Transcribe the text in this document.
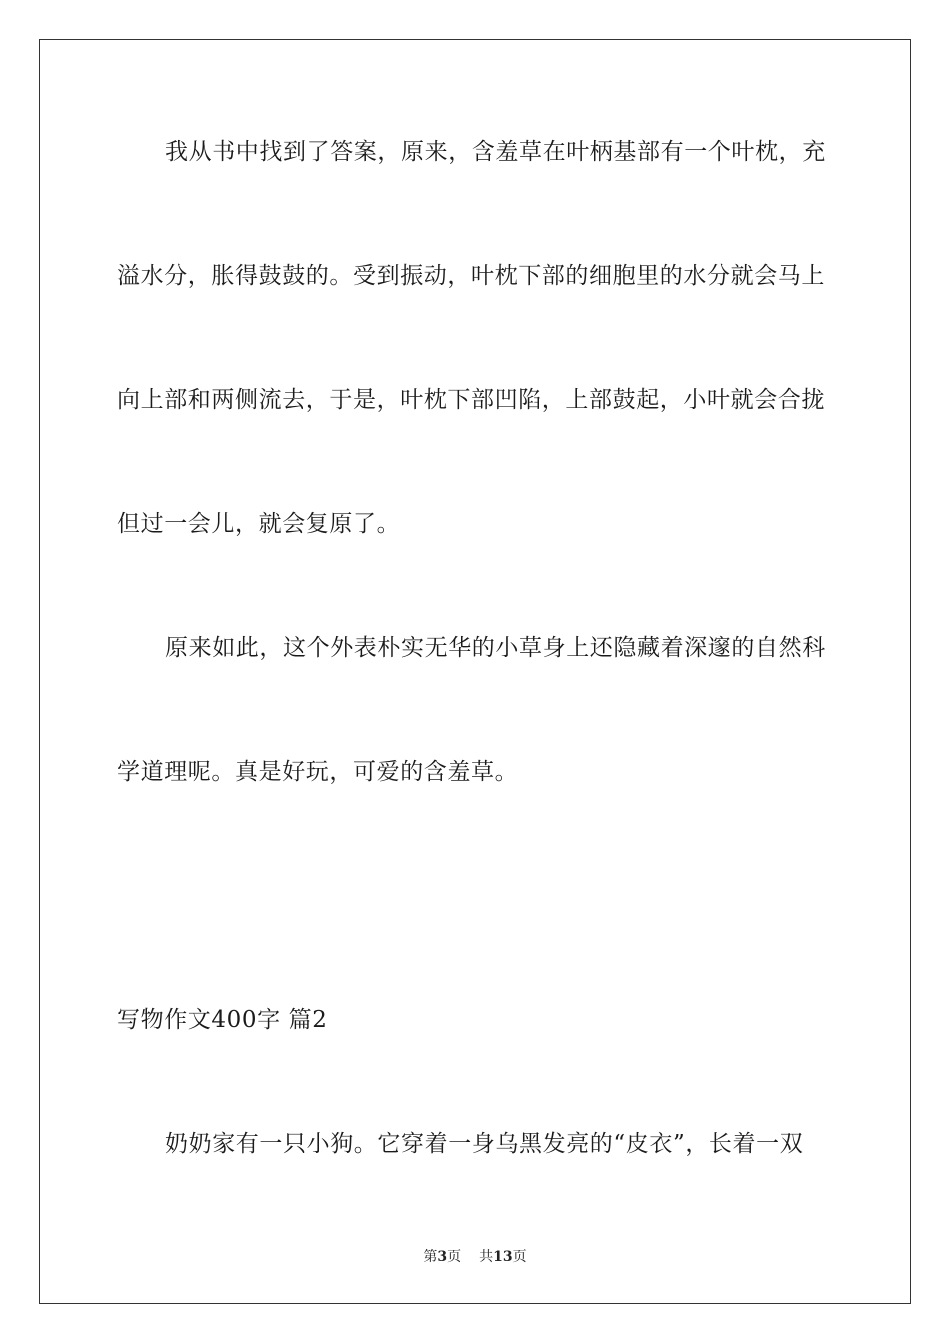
我从书中找到了答案，原来，含羞草在叶柄基部有一个叶枕，充
溢水分，胀得鼓鼓的。受到振动，叶枕下部的细胞里的水分就会马上
向上部和两侧流去，于是，叶枕下部凹陷，上部鼓起，小叶就会合拢
但过一会儿，就会复原了。
原来如此，这个外表朴实无华的小草身上还隐藏着深邃的自然科
学道理呢。真是好玩，可爱的含羞草。
写物作文400字 篇2
奶奶家有一只小狗。它穿着一身乌黑发亮的“皮衣”，长着一双
第3页 共13页
